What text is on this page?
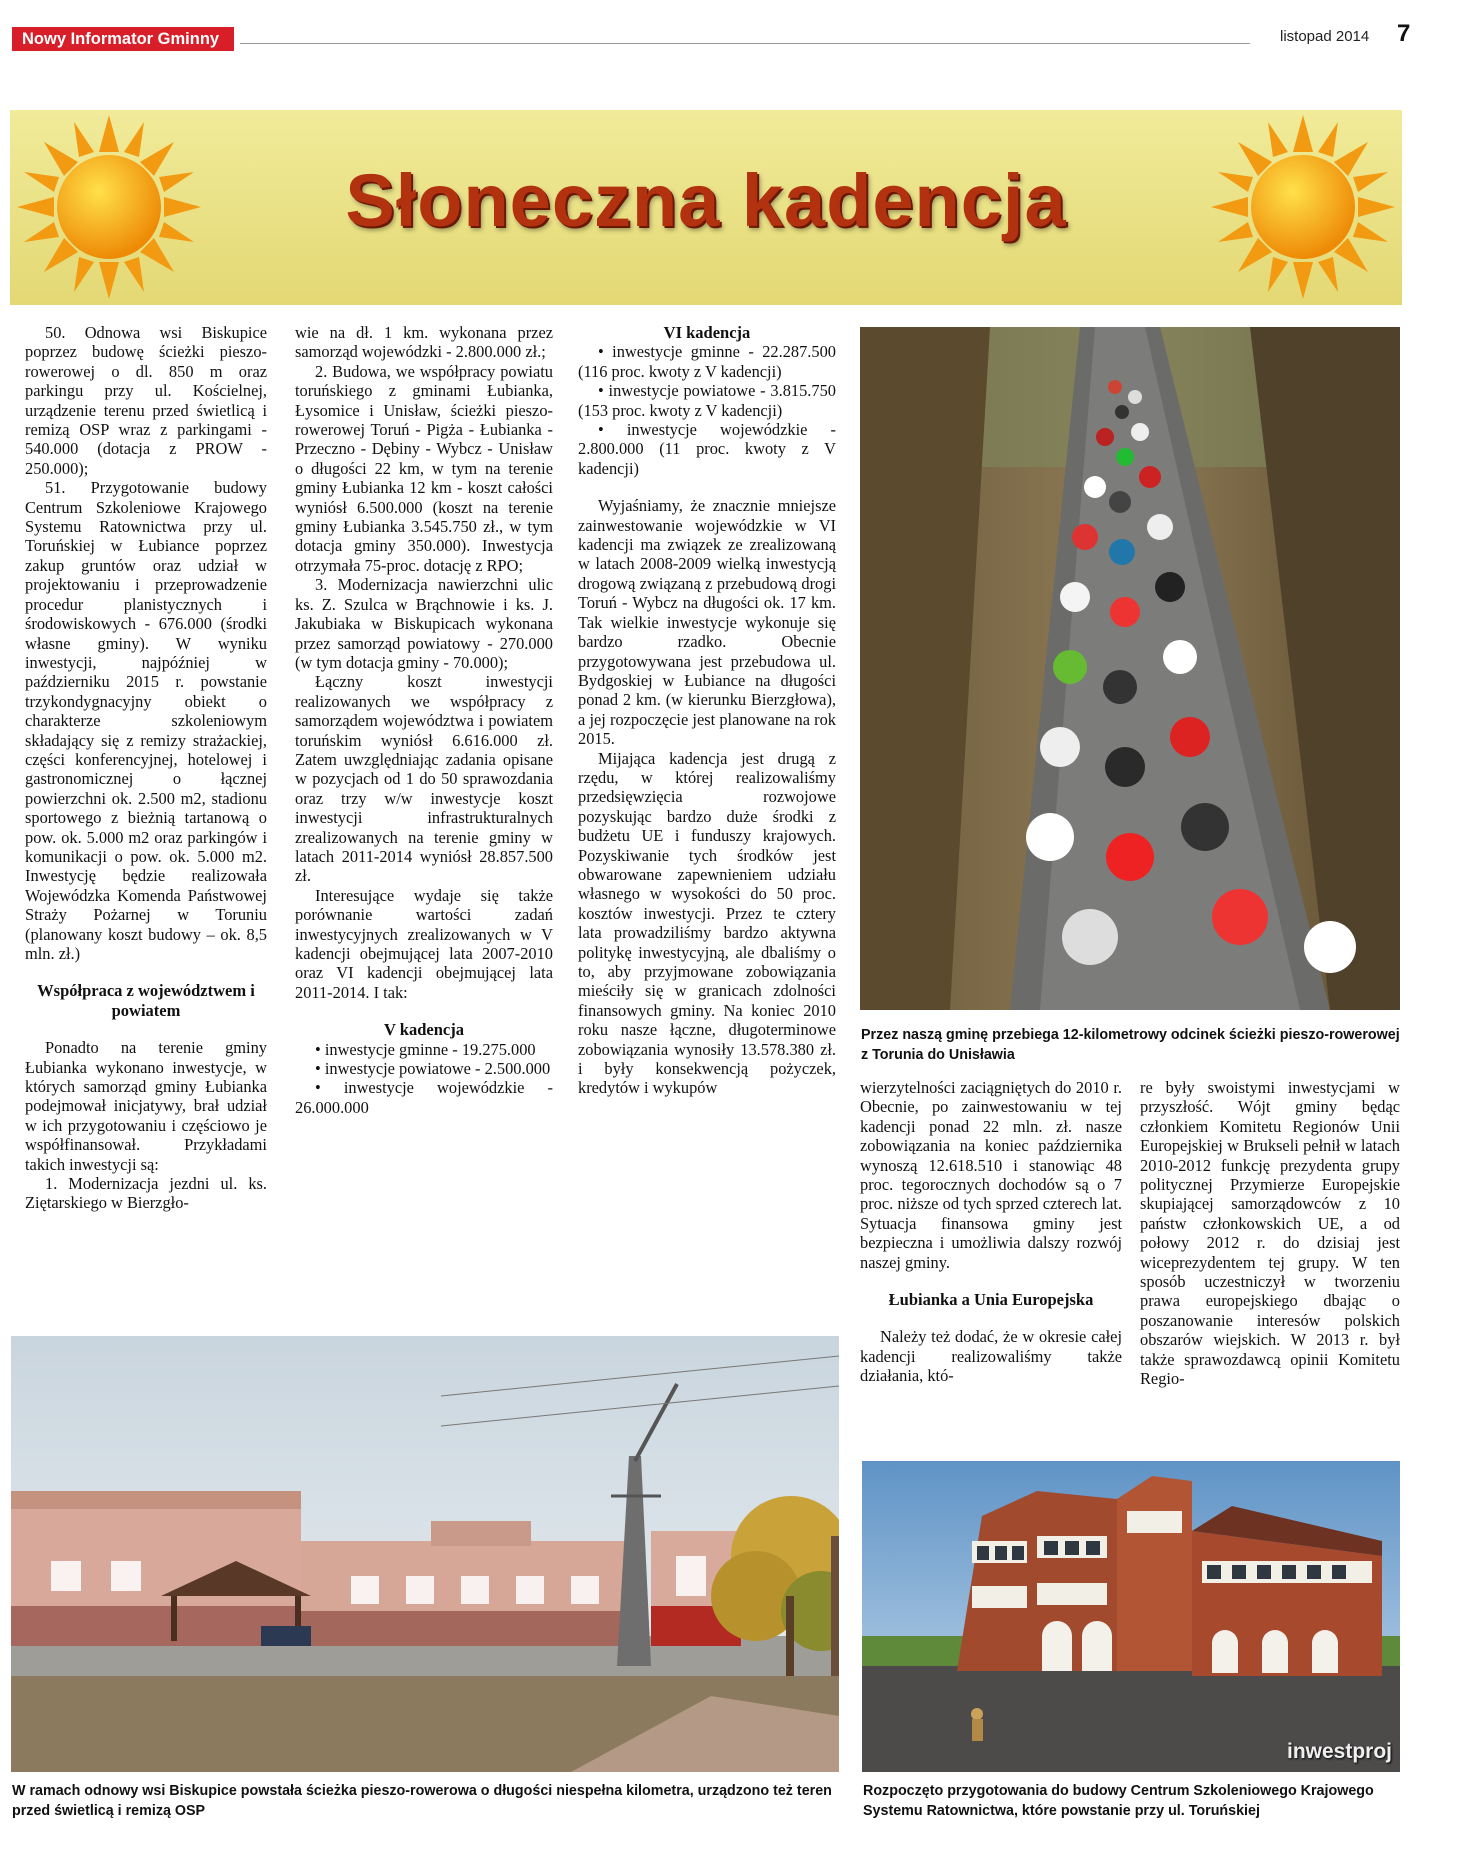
Nowy Informator Gminny	listopad 2014 7
Słoneczna kadencja

50. Odnowa wsi Biskupice poprzez budowę ścieżki pieszo-rowerowej o dl. 850 m oraz parkingu przy ul. Kościelnej, urządzenie terenu przed świetlicą i remizą OSP wraz z parkingami - 540.000 (dotacja z PROW - 250.000);

51. Przygotowanie budowy Centrum Szkoleniowe Krajowego Systemu Ratownictwa przy ul. Toruńskiej w Łubiance poprzez zakup gruntów oraz udział w projektowaniu i przeprowadzenie procedur planistycznych i środowiskowych - 676.000 (środki własne gminy). W wyniku inwestycji, najpóźniej w październiku 2015 r. powstanie trzykondygnacyjny obiekt o charakterze szkoleniowym składający się z remizy strażackiej, części konferencyjnej, hotelowej i gastronomicznej o łącznej powierzchni ok. 2.500 m2, stadionu sportowego z bieżnią tartanową o pow. ok. 5.000 m2 oraz parkingów i komunikacji o pow. ok. 5.000 m2. Inwestycję będzie realizowała Wojewódzka Komenda Państwowej Straży Pożarnej w Toruniu (planowany koszt budowy – ok. 8,5 mln. zł.)

Współpraca z województwem i powiatem

Ponadto na terenie gminy Łubianka wykonano inwestycje, w których samorząd gminy Łubianka podejmował inicjatywy, brał udział w ich przygotowaniu i częściowo je współfinansował. Przykładami takich inwestycji są:

1. Modernizacja jezdni ul. ks. Ziętarskiego w Bierzgło-

wie na dł. 1 km. wykonana przez samorząd wojewódzki - 2.800.000 zł.;

2. Budowa, we współpracy powiatu toruńskiego z gminami Łubianka, Łysomice i Unisław, ścieżki pieszo-rowerowej Toruń - Pigża - Łubianka - Przeczno - Dębiny - Wybcz - Unisław o długości 22 km, w tym na terenie gminy Łubianka 12 km - koszt całości wyniósł 6.500.000 (koszt na terenie gminy Łubianka 3.545.750 zł., w tym dotacja gminy 350.000). Inwestycja otrzymała 75-proc. dotację z RPO;

3. Modernizacja nawierzchni ulic ks. Z. Szulca w Brąchnowie i ks. J. Jakubiaka w Biskupicach wykonana przez samorząd powiatowy - 270.000 (w tym dotacja gminy - 70.000);

Łączny koszt inwestycji realizowanych we współpracy z samorządem województwa i powiatem toruńskim wyniósł 6.616.000 zł. Zatem uwzględniając zadania opisane w pozycjach od 1 do 50 sprawozdania oraz trzy w/w inwestycje koszt inwestycji infrastrukturalnych zrealizowanych na terenie gminy w latach 2011-2014 wyniósł 28.857.500 zł.

Interesujące wydaje się także porównanie wartości zadań inwestycyjnych zrealizowanych w V kadencji obejmującej lata 2007-2010 oraz VI kadencji obejmującej lata 2011-2014. I tak:

V kadencja

• inwestycje gminne - 19.275.000

• inwestycje powiatowe - 2.500.000

• inwestycje wojewódzkie - 26.000.000

VI kadencja

• inwestycje gminne - 22.287.500 (116 proc. kwoty z V kadencji)

• inwestycje powiatowe - 3.815.750 (153 proc. kwoty z V kadencji)

• inwestycje wojewódzkie - 2.800.000 (11 proc. kwoty z V kadencji)

Wyjaśniamy, że znacznie mniejsze zainwestowanie wojewódzkie w VI kadencji ma związek ze zrealizowaną w latach 2008-2009 wielką inwestycją drogową związaną z przebudową drogi Toruń - Wybcz na długości ok. 17 km. Tak wielkie inwestycje wykonuje się bardzo rzadko. Obecnie przygotowywana jest przebudowa ul. Bydgoskiej w Łubiance na długości ponad 2 km. (w kierunku Bierzgłowa), a jej rozpoczęcie jest planowane na rok 2015.

Mijająca kadencja jest drugą z rzędu, w której realizowaliśmy przedsięwzięcia rozwojowe pozyskując bardzo duże środki z budżetu UE i funduszy krajowych. Pozyskiwanie tych środków jest obwarowane zapewnieniem udziału własnego w wysokości do 50 proc. kosztów inwestycji. Przez te cztery lata prowadziliśmy bardzo aktywna politykę inwestycyjną, ale dbaliśmy o to, aby przyjmowane zobowiązania mieściły się w granicach zdolności finansowych gminy. Na koniec 2010 roku nasze łączne, długoterminowe zobowiązania wynosiły 13.578.380 zł. i były konsekwencją pożyczek, kredytów i wykupów

Przez naszą gminę przebiega 12-kilometrowy odcinek ścieżki pieszo-rowerowej z Torunia do Unisławia

wierzytelności zaciągniętych do 2010 r. Obecnie, po zainwestowaniu w tej kadencji ponad 22 mln. zł. nasze zobowiązania na koniec października wynoszą 12.618.510 i stanowiąc 48 proc. tegorocznych dochodów są o 7 proc. niższe od tych sprzed czterech lat. Sytuacja finansowa gminy jest bezpieczna i umożliwia dalszy rozwój naszej gminy.

Łubianka a Unia Europejska

Należy też dodać, że w okresie całej kadencji realizowaliśmy także działania, któ-

re były swoistymi inwestycjami w przyszłość. Wójt gminy będąc członkiem Komitetu Regionów Unii Europejskiej w Brukseli pełnił w latach 2010-2012 funkcję prezydenta grupy politycznej Przymierze Europejskie skupiającej samorządowców z 10 państw członkowskich UE, a od połowy 2012 r. do dzisiaj jest wiceprezydentem tej grupy. W ten sposób uczestniczył w tworzeniu prawa europejskiego dbając o poszanowanie interesów polskich obszarów wiejskich. W 2013 r. był także sprawozdawcą opinii Komitetu Regio-

W ramach odnowy wsi Biskupice powstała ścieżka pieszo-rowerowa o długości niespełna kilometra, urządzono też teren przed świetlicą i remizą OSP
inwestproj
Rozpoczęto przygotowania do budowy Centrum Szkoleniowego Krajowego Systemu Ratownictwa, które powstanie przy ul. Toruńskiej
